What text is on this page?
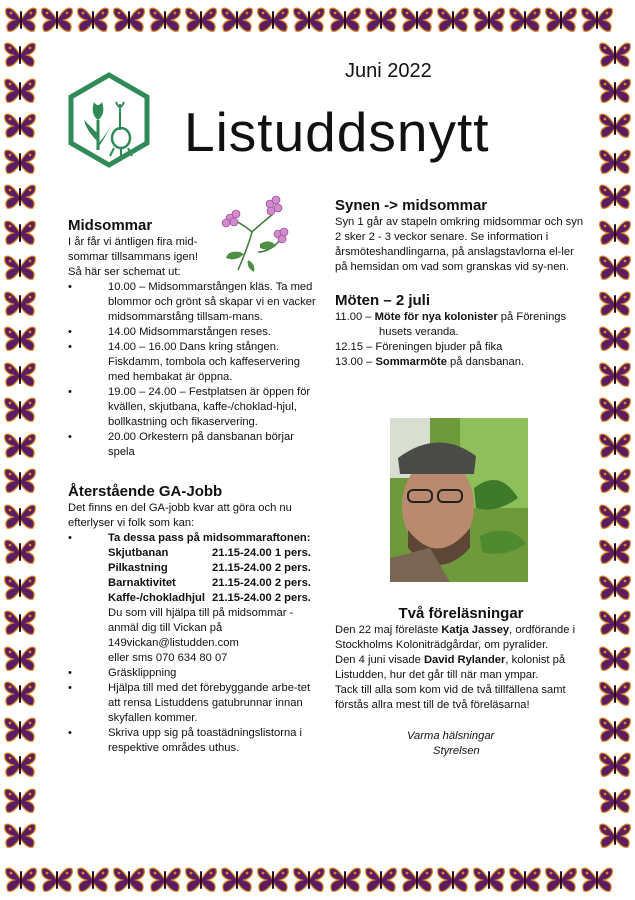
Juni 2022
Listuddsnytt
Midsommar

I år får vi äntligen fira mid-sommar tillsammans igen!

Så här ser schemat ut:

•	10.00 – Midsommarstången kläs. Ta med blommor och grönt så skapar vi en vacker midsommarstång tillsam-mans.
•	14.00 Midsommarstången reses.
•	14.00 – 16.00 Dans kring stången. Fiskdamm, tombola och kaffeservering med hembakat är öppna.
•	19.00 – 24.00 – Festplatsen är öppen för kvällen, skjutbana, kaffe-/choklad-hjul, bollkastning och fikaservering.
•	20.00 Orkestern på dansbanan börjar spela
Återstående GA-Jobb

Det finns en del GA-jobb kvar att göra och nu efterlyser vi folk som kan:

•	Ta dessa pass på midsommaraftonen:
Skjutbanan	21.15-24.00 1 pers.
Pilkastning	21.15-24.00 2 pers.
Barnaktivitet	21.15-24.00 2 pers.
Kaffe-/chokladhjul 21.15-24.00 2 pers.
Du som vill hjälpa till på midsommar - anmäl dig till Vickan på
149vickan@listudden.com
eller sms 070 634 80 07
•	Gräsklippning
•	Hjälpa till med det förebyggande arbe-tet att rensa Listuddens gatubrunnar innan skyfallen kommer.
•	Skriva upp sig på toastädningslistorna i respektive områdes uthus.
Synen -> midsommar

Syn 1 går av stapeln omkring midsommar och syn 2 sker 2 - 3 veckor senare. Se information i årsmöteshandlingarna, på anslagstavlorna el-ler på hemsidan om vad som granskas vid sy-nen.

Möten – 2 juli
11.00 – Möte för nya kolonister på Förenings husets veranda.
12.15 – Föreningen bjuder på fika
13.00 – Sommarmöte på dansbanan.
Två föreläsningar

Den 22 maj föreläste Katja Jassey, ordförande i Stockholms Koloniträdgårdar, om pyralider.

Den 4 juni visade David Rylander, kolonist på Listudden, hur det går till när man ympar.

Tack till alla som kom vid de två tillfällena samt förstås allra mest till de två föreläsarna!

Varma hälsningar
Styrelsen
